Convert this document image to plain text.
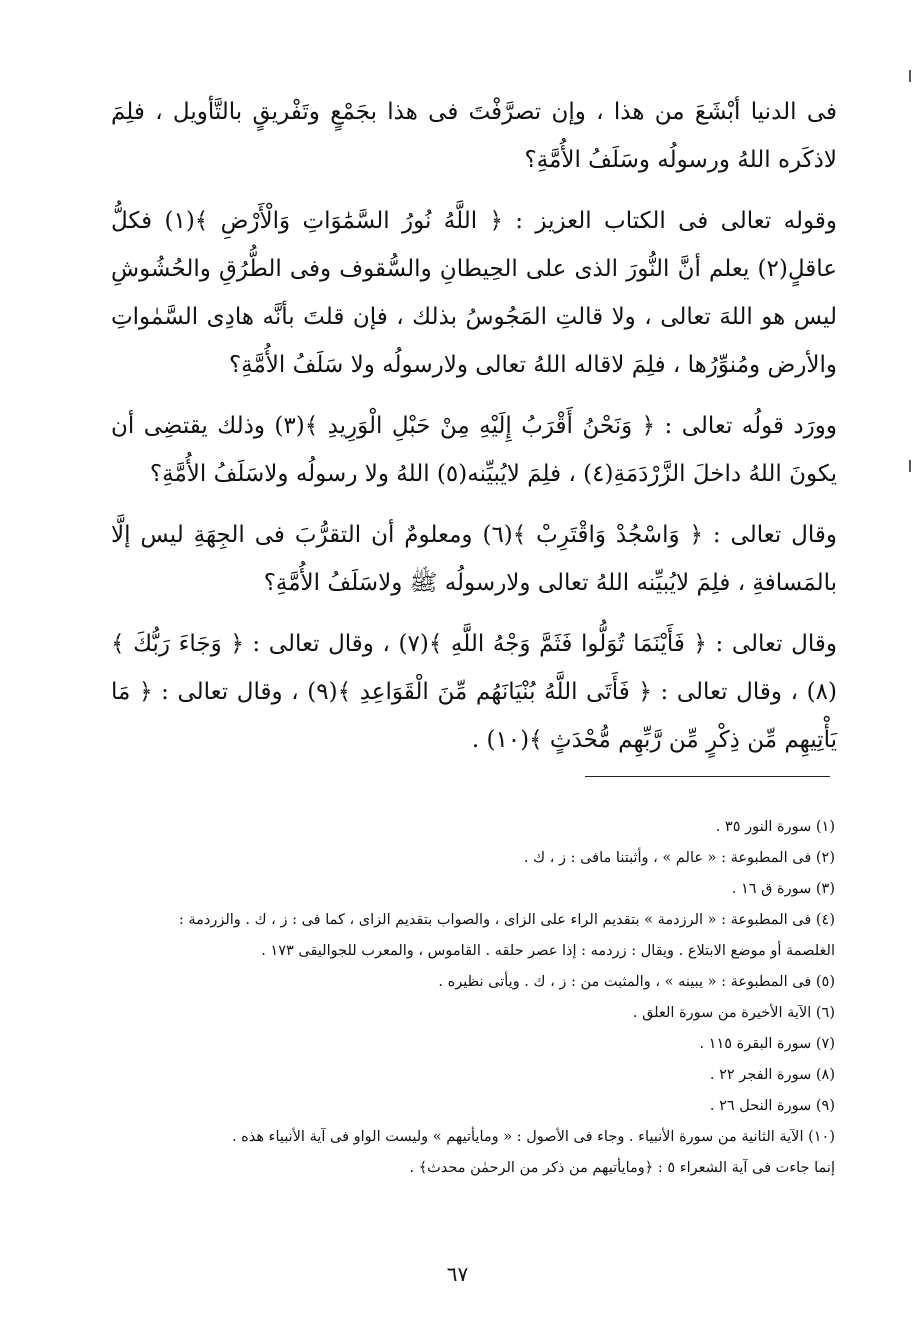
فى الدنيا أبْشَعَ من هذا ، وإن تصرَّفْتَ فى هذا بجَمْعٍ وتَفْريقٍ بالتَّأويل ، فلِمَ لاذكَره اللهُ ورسولُه وسَلَفُ الأُمَّةِ؟

وقوله تعالى فى الكتاب العزيز : ﴿ اللَّهُ نُورُ السَّمَٰوَاتِ وَالْأَرْضِ ﴾(١) فكلُّ عاقلٍ(٢) يعلم أنَّ النُّورَ الذى على الحِيطانِ والسُّقوف وفى الطُّرُقِ والحُشُوشِ ليس هو اللهَ تعالى ، ولا قالتِ المَجُوسُ بذلك ، فإن قلتَ بأنَّه هادِى السَّمٰواتِ والأرض ومُنوِّرُها ، فلِمَ لاقاله اللهُ تعالى ولارسولُه ولا سَلَفُ الأُمَّةِ؟

وورَد قولُه تعالى : ﴿ وَنَحْنُ أَقْرَبُ إِلَيْهِ مِنْ حَبْلِ الْوَرِيدِ ﴾(٣) وذلك يقتضِى أن يكونَ اللهُ داخلَ الزَّرْدَمَةِ(٤) ، فلِمَ لايُبيِّنه(٥) اللهُ ولا رسولُه ولاسَلَفُ الأُمَّةِ؟

وقال تعالى : ﴿ وَاسْجُدْ وَاقْتَرِبْ ﴾(٦) ومعلومٌ أن التقرُّبَ فى الجِهَةِ ليس إلَّا بالمَسافةِ ، فلِمَ لايُبيِّنه اللهُ تعالى ولارسولُه ﷺ ولاسَلَفُ الأُمَّةِ؟

وقال تعالى : ﴿ فَأَيْنَمَا تُوَلُّوا فَثَمَّ وَجْهُ اللَّهِ ﴾(٧) ، وقال تعالى : ﴿ وَجَاءَ رَبُّكَ ﴾(٨) ، وقال تعالى : ﴿ فَأَتَى اللَّهُ بُنْيَانَهُم مِّنَ الْقَوَاعِدِ ﴾(٩) ، وقال تعالى : ﴿ مَا يَأْتِيهِم مِّن ذِكْرٍ مِّن رَّبِّهِم مُّحْدَثٍ ﴾(١٠) .

(١) سورة النور ٣٥ .
(٢) فى المطبوعة : « عالم » ، وأثبتنا مافى : ز ، ك .
(٣) سورة ق ١٦ .
(٤) فى المطبوعة : « الرزدمة » بتقديم الراء على الزاى ، والصواب بتقديم الزاى ، كما فى : ز ، ك . والزردمة :
الغلصمة أو موضع الابتلاع . ويقال : زردمه : إذا عصر حلقه . القاموس ، والمعرب للجواليقى ١٧٣ .
(٥) فى المطبوعة : « يبينه » ، والمثبت من : ز ، ك . ويأتى نظيره .
(٦) الآية الأخيرة من سورة العلق .
(٧) سورة البقرة ١١٥ .
(٨) سورة الفجر ٢٢ .
(٩) سورة النحل ٢٦ .
(١٠) الآية الثانية من سورة الأنبياء . وجاء فى الأصول : « ومايأتيهم » وليست الواو فى آية الأنبياء هذه .
إنما جاءت فى آية الشعراء ٥ : ﴿ومايأتيهم من ذكر من الرحمٰن محدث﴾ .
٦٧
